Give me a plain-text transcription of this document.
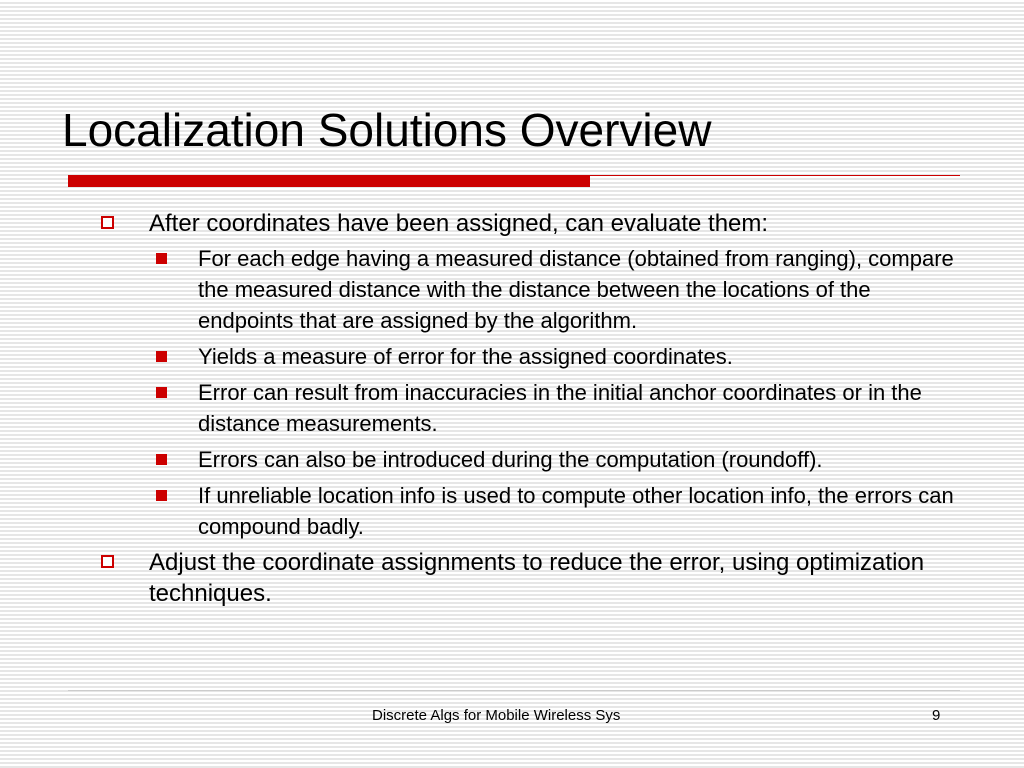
Localization Solutions Overview
After coordinates have been assigned, can evaluate them:
For each edge having a measured distance (obtained from ranging), compare the measured distance with the distance between the locations of the endpoints that are assigned by the algorithm.
Yields a measure of error for the assigned coordinates.
Error can result from inaccuracies in the initial anchor coordinates or in the distance measurements.
Errors can also be introduced during the computation (roundoff).
If unreliable location info is used to compute other location info, the errors can compound badly.
Adjust the coordinate assignments to reduce the error, using optimization techniques.
Discrete Algs for Mobile Wireless Sys	9
